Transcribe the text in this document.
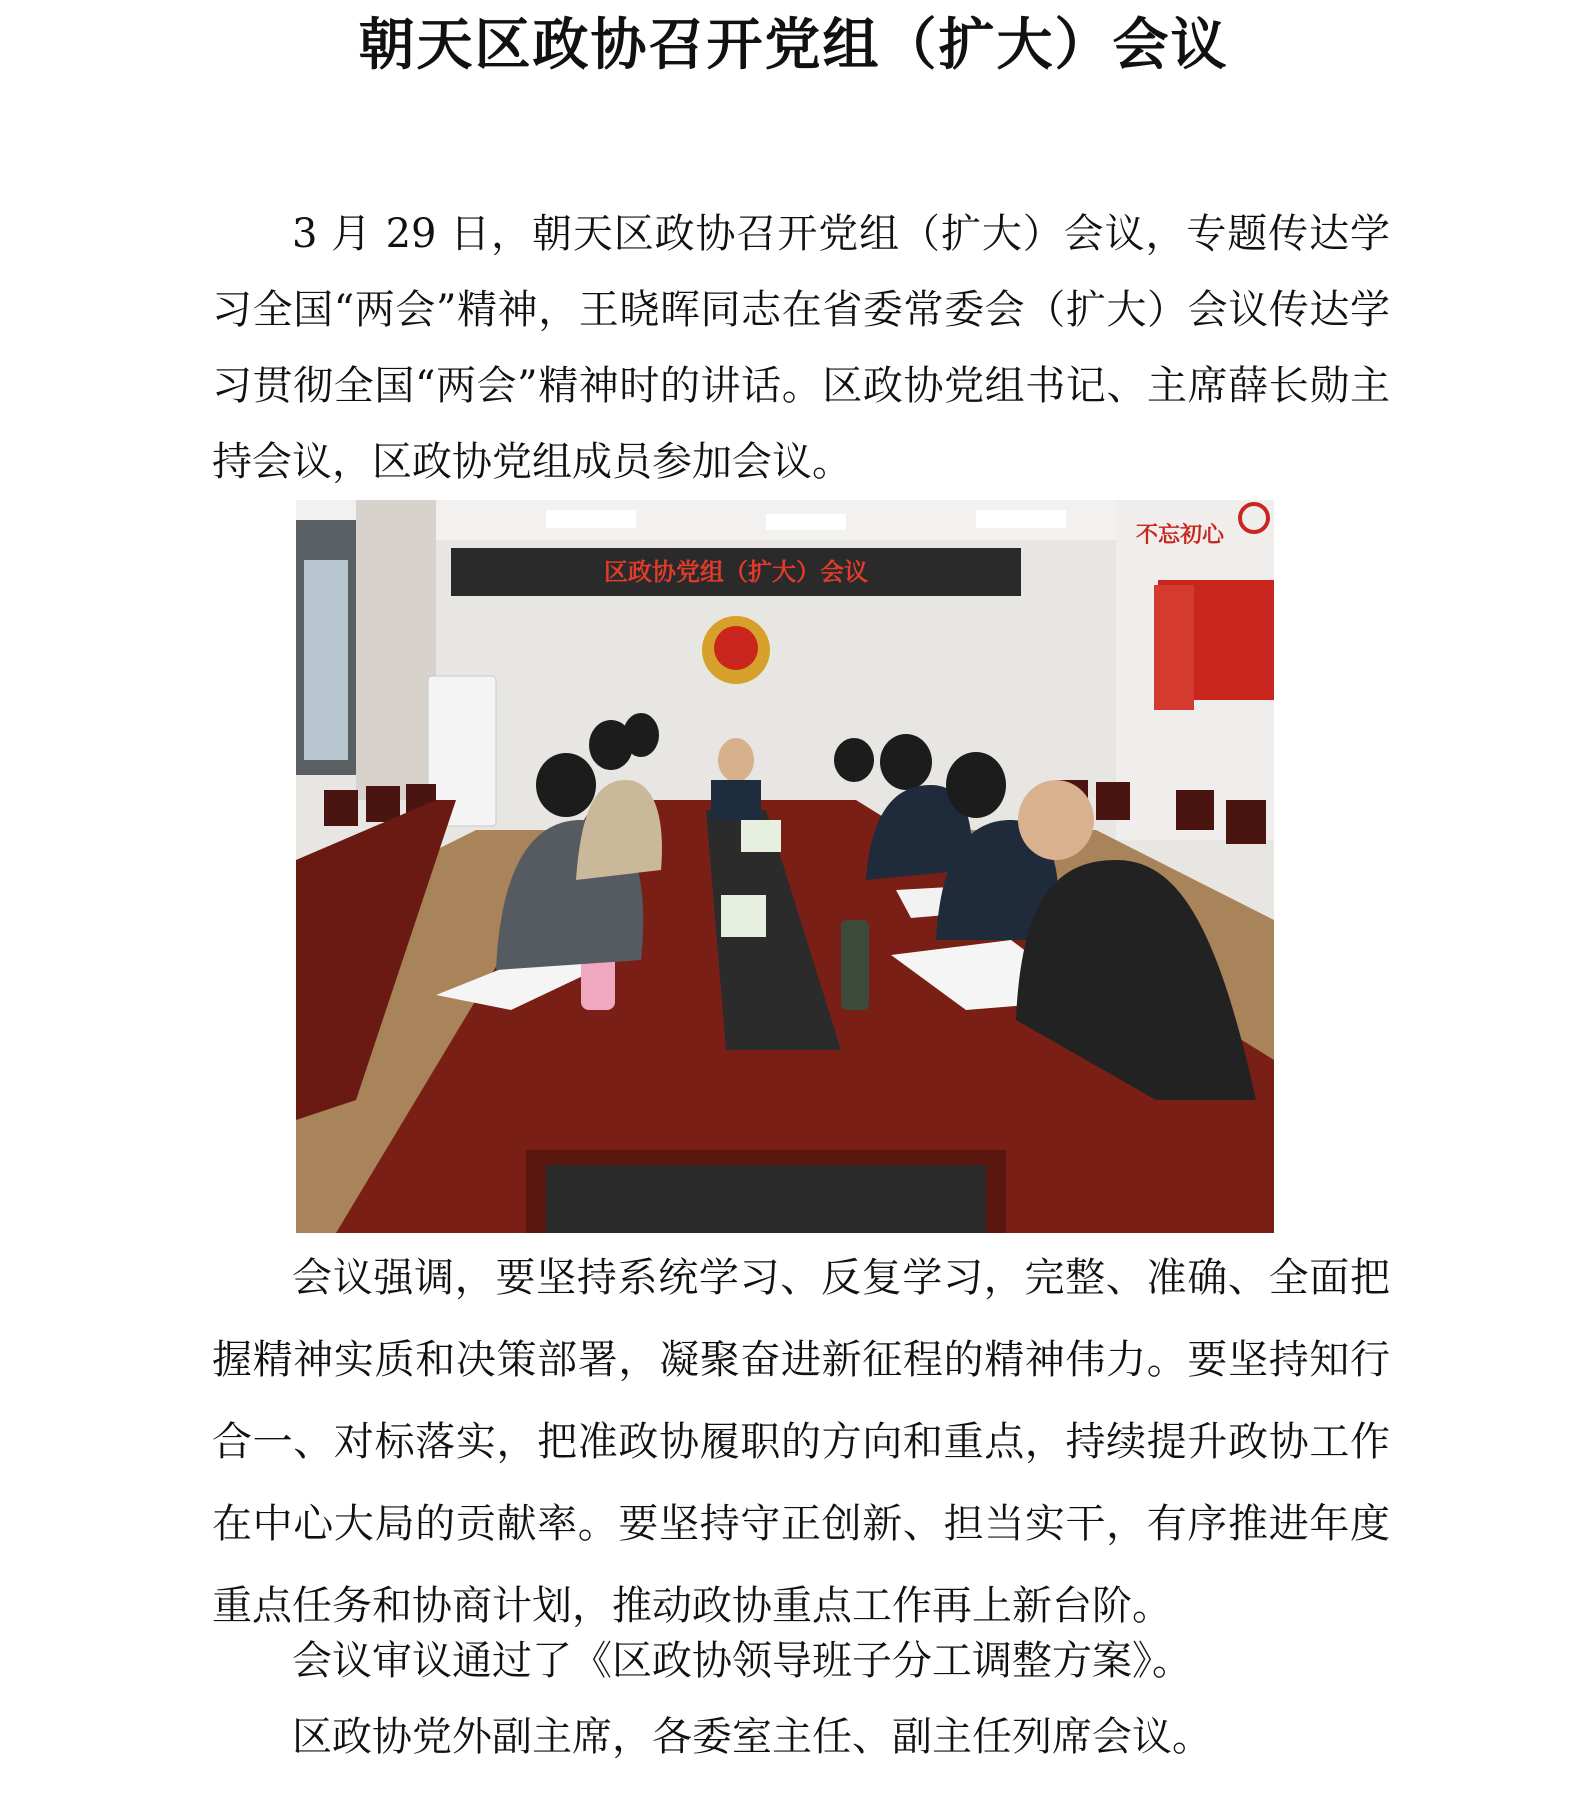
朝天区政协召开党组（扩大）会议

3 月 29 日，朝天区政协召开党组（扩大）会议，专题传达学习全国“两会”精神，王晓晖同志在省委常委会（扩大）会议传达学习贯彻全国“两会”精神时的讲话。区政协党组书记、主席薛长勋主持会议，区政协党组成员参加会议。

不忘初心
区政协党组（扩大）会议

会议强调，要坚持系统学习、反复学习，完整、准确、全面把握精神实质和决策部署，凝聚奋进新征程的精神伟力。要坚持知行合一、对标落实，把准政协履职的方向和重点，持续提升政协工作在中心大局的贡献率。要坚持守正创新、担当实干，有序推进年度重点任务和协商计划，推动政协重点工作再上新台阶。

会议审议通过了《区政协领导班子分工调整方案》。

区政协党外副主席，各委室主任、副主任列席会议。
